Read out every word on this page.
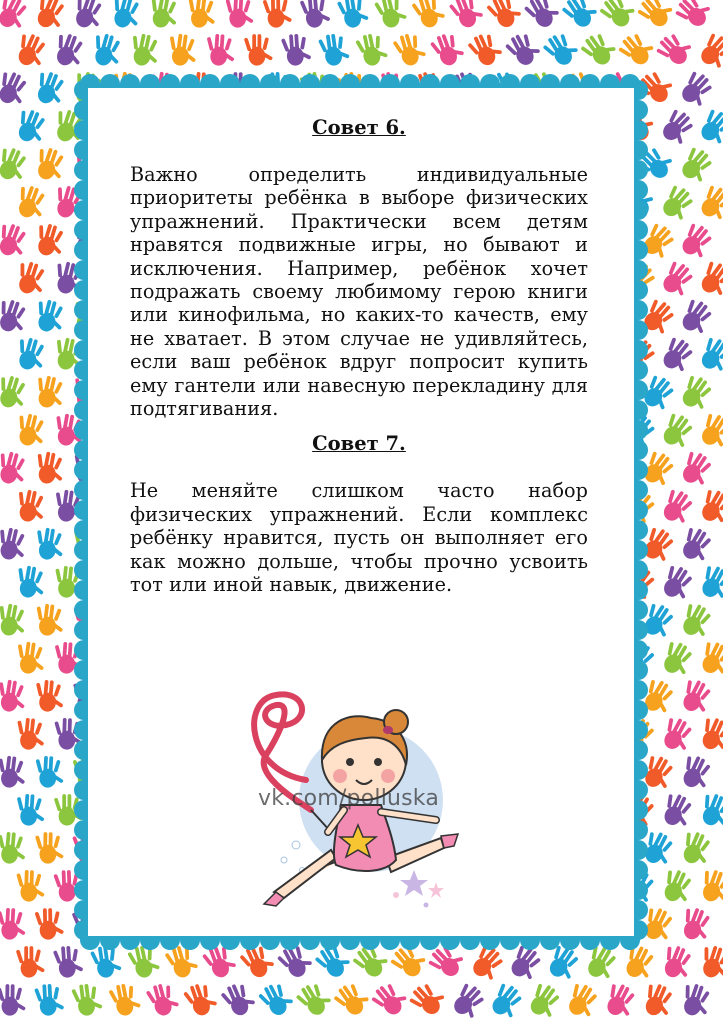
Совет 6.

Важно определить индивидуальные приоритеты ребёнка в выборе физических упражнений. Практически всем детям нравятся подвижные игры, но бывают и исключения. Например, ребёнок хочет подражать своему любимому герою книги или кинофильма, но каких-то качеств, ему не хватает. В этом случае не удивляйтесь, если ваш ребёнок вдруг попросит купить ему гантели или навесную перекладину для подтягивания.

Совет 7.

Не меняйте слишком часто набор физических упражнений. Если комплекс ребёнку нравится, пусть он выполняет его как можно дольше, чтобы прочно усвоить тот или иной навык, движение.

vk.com/polluska
